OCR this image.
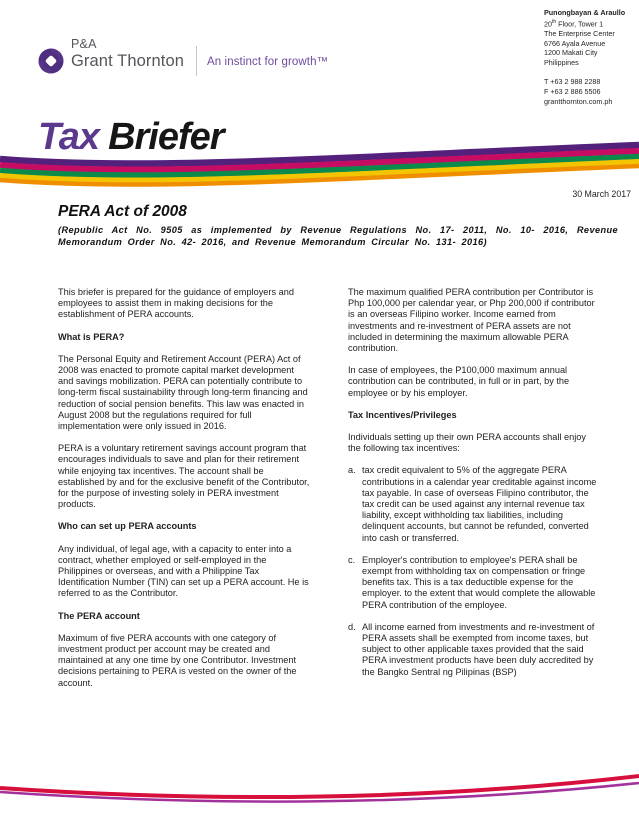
P&A
Grant Thornton An instinct for growth™
Punongbayan & Araullo
20th Floor, Tower 1
The Enterprise Center
6766 Ayala Avenue
1200 Makati City
Philippines
T +63 2 988 2288
F +63 2 886 5506
grantthornton.com.ph
Tax Briefer
30 March 2017
PERA Act of 2008
(Republic Act No. 9505 as implemented by Revenue Regulations No. 17- 2011, No. 10- 2016, Revenue Memorandum Order No. 42- 2016, and Revenue Memorandum Circular No. 131- 2016)

This briefer is prepared for the guidance of employers and employees to assist them in making decisions for the establishment of PERA accounts.

What is PERA?

The Personal Equity and Retirement Account (PERA) Act of 2008 was enacted to promote capital market development and savings mobilization. PERA can potentially contribute to long-term fiscal sustainability through long-term financing and reduction of social pension benefits. This law was enacted in August 2008 but the regulations required for full implementation were only issued in 2016.

PERA is a voluntary retirement savings account program that encourages individuals to save and plan for their retirement while enjoying tax incentives. The account shall be established by and for the exclusive benefit of the Contributor, for the purpose of investing solely in PERA investment products.

Who can set up PERA accounts

Any individual, of legal age, with a capacity to enter into a contract, whether employed or self-employed in the Philippines or overseas, and with a Philippine Tax Identification Number (TIN) can set up a PERA account. He is referred to as the Contributor.

The PERA account

Maximum of five PERA accounts with one category of investment product per account may be created and maintained at any one time by one Contributor. Investment decisions pertaining to PERA is vested on the owner of the account.

The maximum qualified PERA contribution per Contributor is Php 100,000 per calendar year, or Php 200,000 if contributor is an overseas Filipino worker. Income earned from investments and re-investment of PERA assets are not included in determining the maximum allowable PERA contribution.

In case of employees, the P100,000 maximum annual contribution can be contributed, in full or in part, by the employee or by his employer.

Tax Incentives/Privileges

Individuals setting up their own PERA accounts shall enjoy the following tax incentives:

a. tax credit equivalent to 5% of the aggregate PERA contributions in a calendar year creditable against income tax payable. In case of overseas Filipino contributor, the tax credit can be used against any internal revenue tax liability, except withholding tax liabilities, including delinquent accounts, but cannot be refunded, converted into cash or transferred.
c. Employer's contribution to employee's PERA shall be exempt from withholding tax on compensation or fringe benefits tax. This is a tax deductible expense for the employer. to the extent that would complete the allowable PERA contribution of the employee.
d. All income earned from investments and re-investment of PERA assets shall be exempted from income taxes, but subject to other applicable taxes provided that the said PERA investment products have been duly accredited by the Bangko Sentral ng Pilipinas (BSP)
